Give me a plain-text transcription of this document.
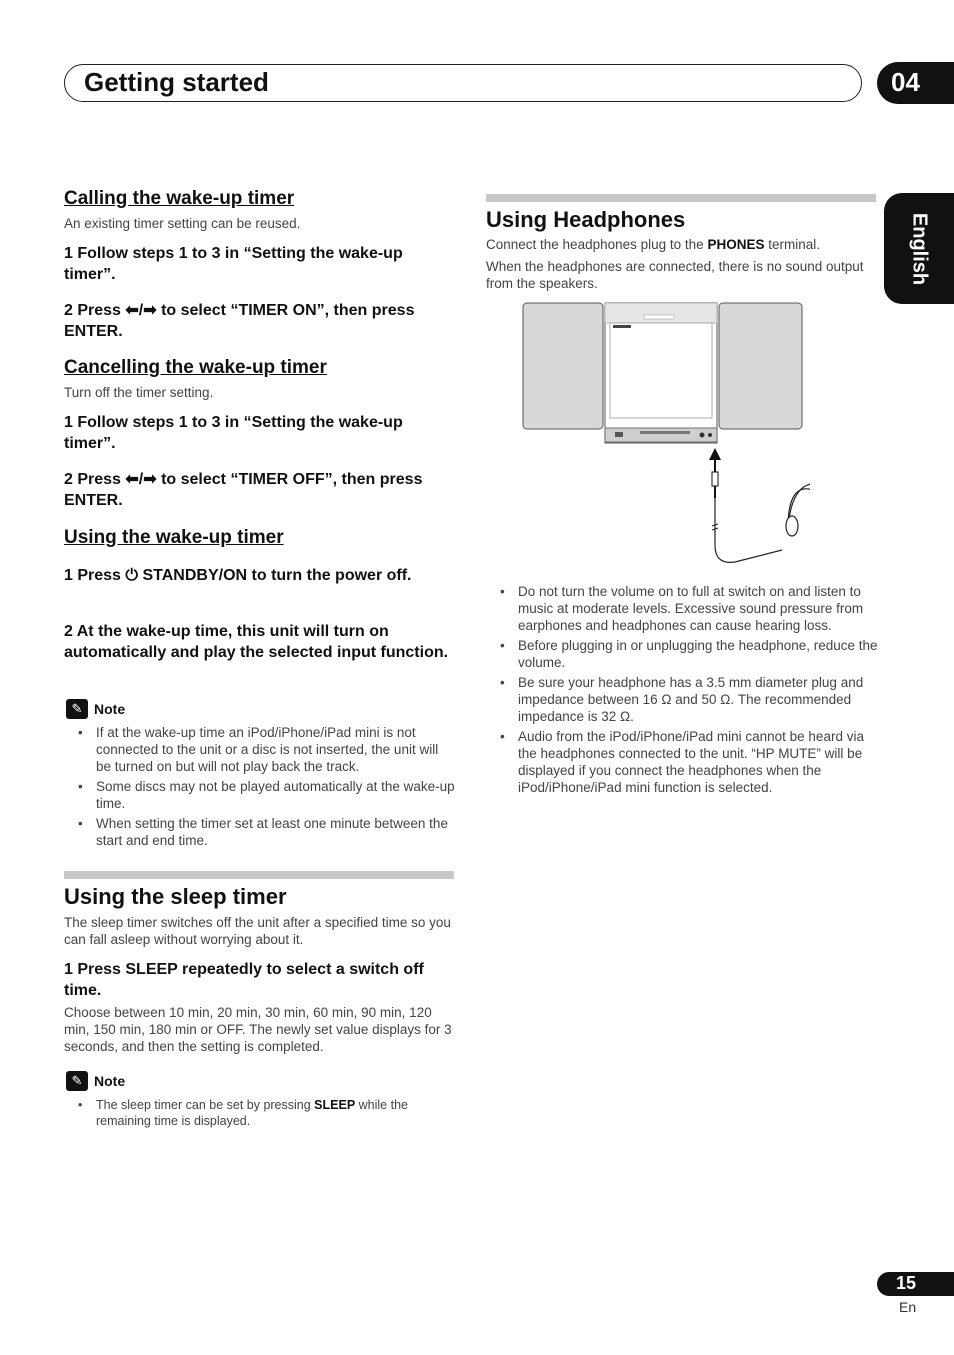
Getting started	04
English
Calling the wake-up timer
An existing timer setting can be reused.
1 Follow steps 1 to 3 in “Setting the wake-up timer”.
2 Press ⬅/➡ to select “TIMER ON”, then press ENTER.
Cancelling the wake-up timer
Turn off the timer setting.
1 Follow steps 1 to 3 in “Setting the wake-up timer”.
2 Press ⬅/➡ to select “TIMER OFF”, then press ENTER.
Using the wake-up timer
1 Press ⏻ STANDBY/ON to turn the power off.
2 At the wake-up time, this unit will turn on automatically and play the selected input function.
✎ Note
• If at the wake-up time an iPod/iPhone/iPad mini is not connected to the unit or a disc is not inserted, the unit will be turned on but will not play back the track.
• Some discs may not be played automatically at the wake-up time.
• When setting the timer set at least one minute between the start and end time.
Using the sleep timer
The sleep timer switches off the unit after a specified time so you can fall asleep without worrying about it.
1 Press SLEEP repeatedly to select a switch off time.
Choose between 10 min, 20 min, 30 min, 60 min, 90 min, 120 min, 150 min, 180 min or OFF. The newly set value displays for 3 seconds, and then the setting is completed.
✎ Note
• The sleep timer can be set by pressing SLEEP while the remaining time is displayed.
Using Headphones
Connect the headphones plug to the PHONES terminal.
When the headphones are connected, there is no sound output from the speakers.
• Do not turn the volume on to full at switch on and listen to music at moderate levels. Excessive sound pressure from earphones and headphones can cause hearing loss.
• Before plugging in or unplugging the headphone, reduce the volume.
• Be sure your headphone has a 3.5 mm diameter plug and impedance between 16 Ω and 50 Ω. The recommended impedance is 32 Ω.
• Audio from the iPod/iPhone/iPad mini cannot be heard via the headphones connected to the unit. “HP MUTE” will be displayed if you connect the headphones when the iPod/iPhone/iPad mini function is selected.
15
En
